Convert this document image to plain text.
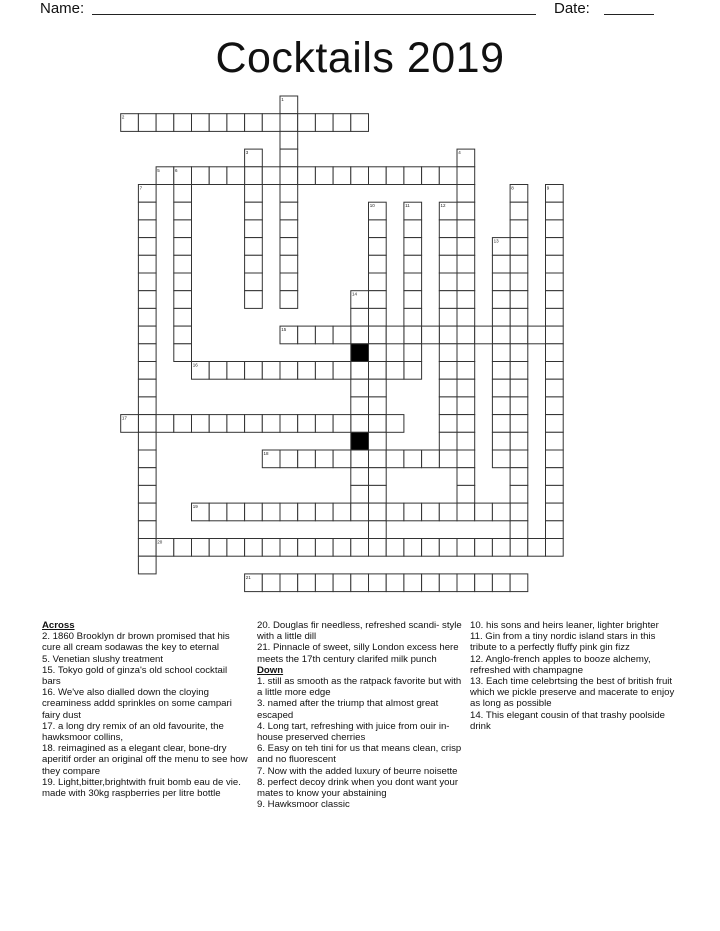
Name:	Date:
Cocktails 2019
1
2
3	4
5	6
7	8	9
10	11	12
13
14
15
16
17
18
19
20
21
Across

2. 1860 Brooklyn dr brown promised that his cure all cream sodawas the key to eternal

5. Venetian slushy treatment

15. Tokyo gold of ginza's old school cocktail bars

16. We've also dialled down the cloying creaminess addd sprinkles on some campari fairy dust

17. a long dry remix of an old favourite, the hawksmoor collins,

18. reimagined as a elegant clear, bone-dry aperitif order an original off the menu to see how they compare

19. Light,bitter,brightwith fruit bomb eau de vie. made with 30kg raspberries per litre bottle

20. Douglas fir needless, refreshed scandi- style with a little dill

21. Pinnacle of sweet, silly London excess here meets the 17th century clarifed milk punch

Down

1. still as smooth as the ratpack favorite but with a little more edge

3. named after the triump that almost great escaped

4. Long tart, refreshing with juice from ouir in-house preserved cherries

6. Easy on teh tini for us that means clean, crisp and no fluorescent

7. Now with the added luxury of beurre noisette

8. perfect decoy drink when you dont want your mates to know your abstaining

9. Hawksmoor classic

10. his sons and heirs leaner, lighter brighter

11. Gin from a tiny nordic island stars in this tribute to a perfectly fluffy pink gin fizz

12. Anglo-french apples to booze alchemy, refreshed with champagne

13. Each time celebrtsing the best of british fruit which we pickle preserve and macerate to enjoy as long as possible

14. This elegant cousin of that trashy poolside drink
